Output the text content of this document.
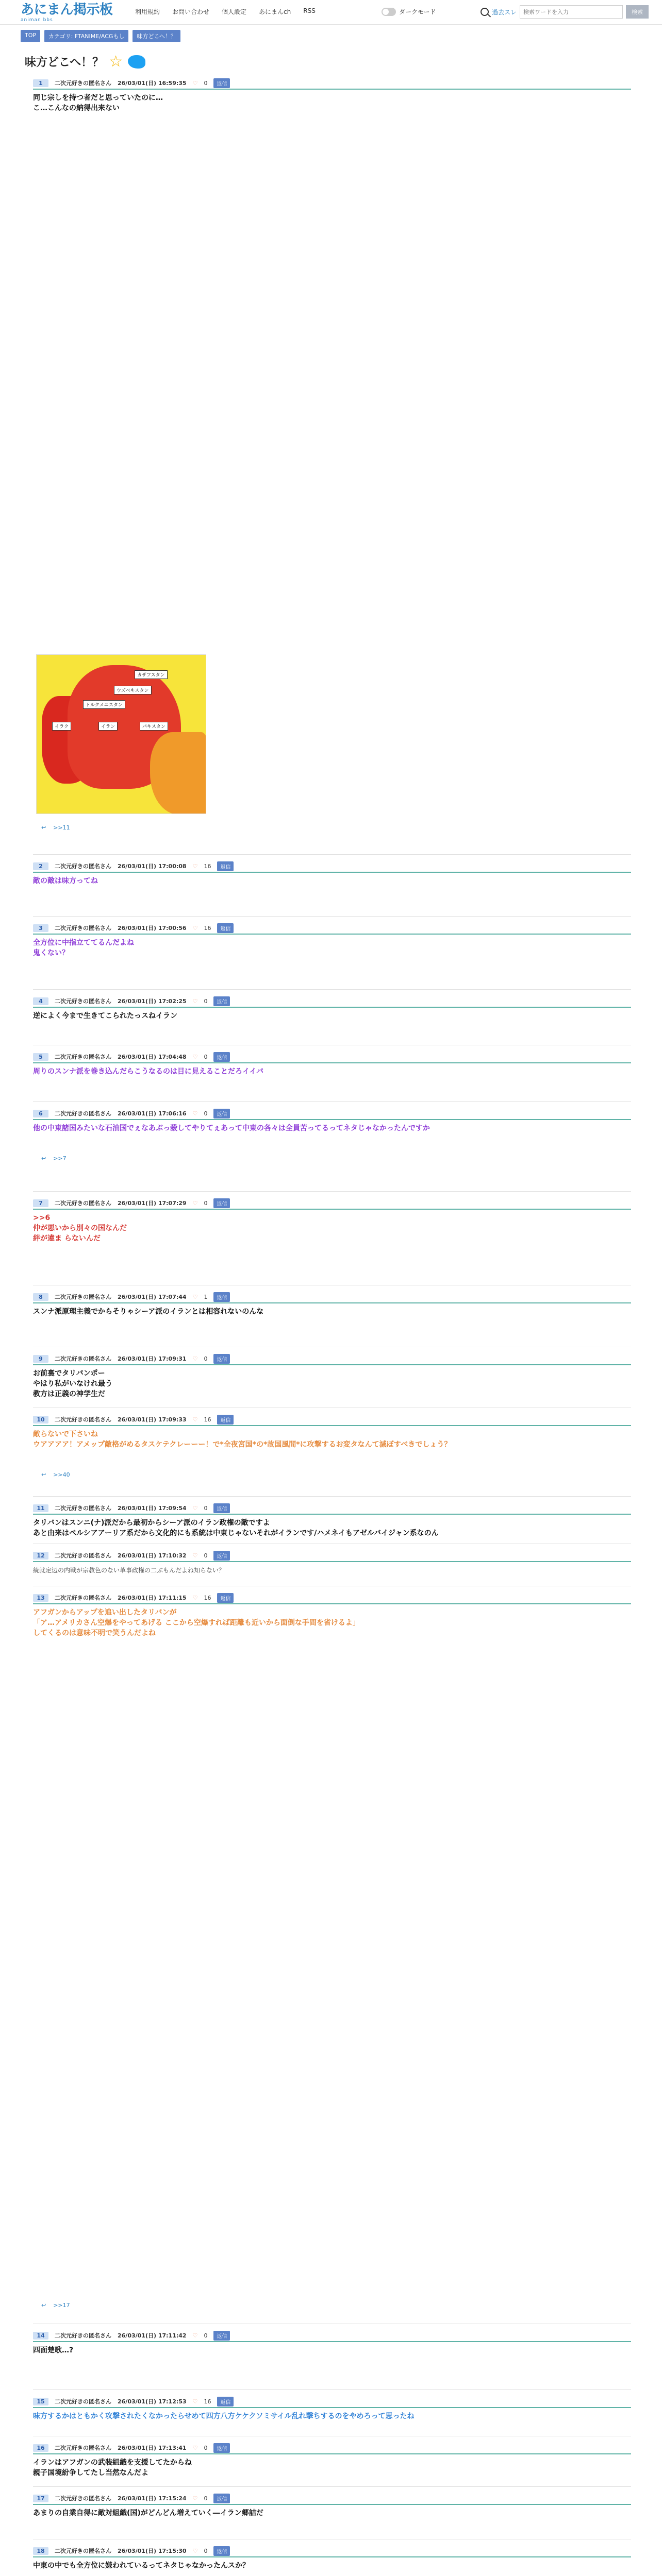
あにまん掲示板
animan bbs
利用規約 お問い合わせ 個人設定 あにまんch RSS	ダークモード	過去スレ
検索ワードを入力	検索
TOP	カテゴリ: FTANIME/ACGもし	味方どこへ！？
味方どこへ！？ ☆
カザフスタン
ウズベキスタン
トルクメニスタン
イラク	イラン	パキスタン
1	二次元好きの匿名さん 26/03/01(日) 16:59:35 ♡ 0	返信
同じ宗しを持つ者だと思っていたのに…
こ…こんなの納得出来ない
↩ >>11
2	二次元好きの匿名さん 26/03/01(日) 17:00:08 ♡ 16	返信
敵の敵は味方ってね
3	二次元好きの匿名さん 26/03/01(日) 17:00:56 ♡ 16	返信
全方位に中指立ててるんだよね
鬼くない？
4	二次元好きの匿名さん 26/03/01(日) 17:02:25 ♡ 0	返信
逆によく今まで生きてこられたっスねイラン
5	二次元好きの匿名さん 26/03/01(日) 17:04:48 ♡ 0	返信
周りのスンナ派を巻き込んだらこうなるのは目に見えることだろイイバ
6	二次元好きの匿名さん 26/03/01(日) 17:06:16 ♡ 0	返信
他の中東諸国みたいな石油国でぇなあぶっ殺してやりてぇあって中東の各々は全員苦ってるってネタじゃなかったんですか
↩ >>7
7	二次元好きの匿名さん 26/03/01(日) 17:07:29 ♡ 0	返信
>>6
仲が悪いから別々の国なんだ
絆が違ま らないんだ
8	二次元好きの匿名さん 26/03/01(日) 17:07:44 ♡ 1	返信
スンナ派原理主義でからそりゃシーア派のイランとは相容れないのんな
9	二次元好きの匿名さん 26/03/01(日) 17:09:31 ♡ 0	返信
お前裏でタリバンポー
やはり私がいなけれ最う
教方は正義の神学生だ
10	二次元好きの匿名さん 26/03/01(日) 17:09:33 ♡ 16	返信
敵らないで下さいね
ウアアアア！アメップ敵格がめるタスケテクレーーー！で*全夜宮国*の*故国風間*に攻撃するお変タなんて滅ぼすべきでしょう？
↩ >>40
11	二次元好きの匿名さん 26/03/01(日) 17:09:54 ♡ 0	返信
タリバンはスンニ(ナ)派だから最初からシーア派のイラン政権の敵ですよ
あと由来はペルシアアーリア系だから文化的にも系統は中東じゃないそれがイランです/ハメネイもアゼルバイジャン系なのん
12	二次元好きの匿名さん 26/03/01(日) 17:10:32 ♡ 0	返信
統就定辺の内戦が宗教色のない革事政権の二ぶもんだよね知らない？
13	二次元好きの匿名さん 26/03/01(日) 17:11:15 ♡ 16	返信
アフガンからアップを追い出したタリバンが
「ア…アメリカさん空爆をやってあげる ここから空爆すれば距離も近いから面倒な手間を省けるよ」
してくるのは意味不明で笑うんだよね
↩ >>17
14	二次元好きの匿名さん 26/03/01(日) 17:11:42 ♡ 0	返信
四面楚歌…?
15	二次元好きの匿名さん 26/03/01(日) 17:12:53 ♡ 16	返信
味方するかはともかく攻撃されたくなかったらせめて四方八方ケケクソミサイル乱れ撃ちするのをやめろって思ったね
16	二次元好きの匿名さん 26/03/01(日) 17:13:41 ♡ 0	返信
イランはアフガンの武装組織を支援してたからね
親子国境紛争してたし当然なんだよ
17	二次元好きの匿名さん 26/03/01(日) 17:15:24 ♡ 0	返信
あまりの自業自得に敵対組織(国)がどんどん増えていく―イラン郷詰だ
18	二次元好きの匿名さん 26/03/01(日) 17:15:30 ♡ 0	返信
中東の中でも全方位に嫌われているってネタじゃなかったんスか？
